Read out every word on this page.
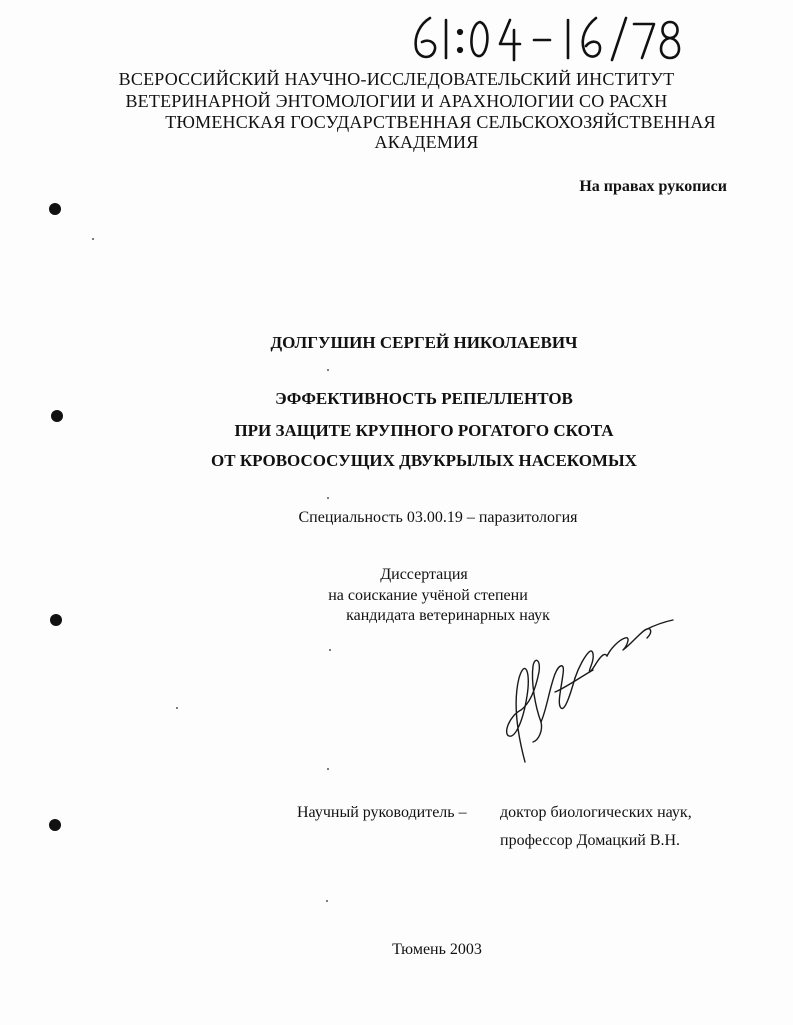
ВСЕРОССИЙСКИЙ НАУЧНО-ИССЛЕДОВАТЕЛЬСКИЙ ИНСТИТУТ
ВЕТЕРИНАРНОЙ ЭНТОМОЛОГИИ И АРАХНОЛОГИИ СО РАСХН
ТЮМЕНСКАЯ ГОСУДАРСТВЕННАЯ СЕЛЬСКОХОЗЯЙСТВЕННАЯ
АКАДЕМИЯ
На правах рукописи
ДОЛГУШИН СЕРГЕЙ НИКОЛАЕВИЧ
ЭФФЕКТИВНОСТЬ РЕПЕЛЛЕНТОВ
ПРИ ЗАЩИТЕ КРУПНОГО РОГАТОГО СКОТА
ОТ КРОВОСОСУЩИХ ДВУКРЫЛЫХ НАСЕКОМЫХ
Специальность 03.00.19 – паразитология
Диссертация
на соискание учёной степени
кандидата ветеринарных наук
Научный руководитель – доктор биологических наук,
профессор Домацкий В.Н.
Тюмень 2003
